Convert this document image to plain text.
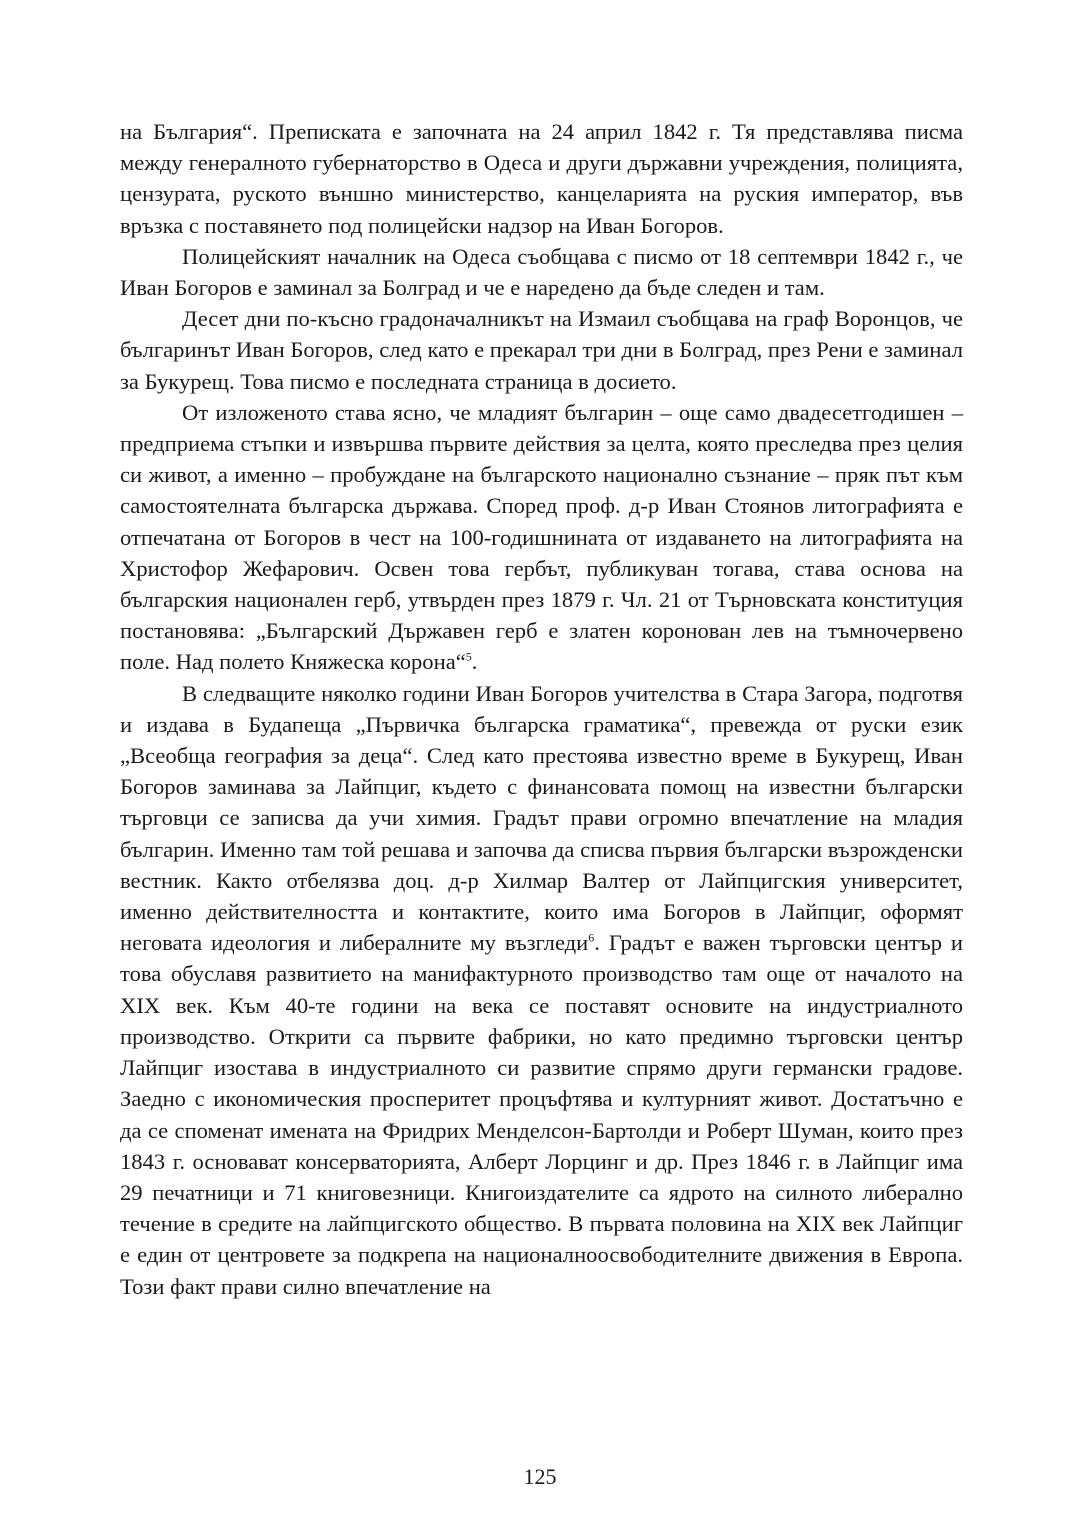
на България“. Преписката е започната на 24 април 1842 г. Тя представлява писма между генералното губернаторство в Одеса и други държавни учреждения, полицията, цензурата, руското външно министерство, канцеларията на руския император, във връзка с поставянето под полицейски надзор на Иван Богоров.

Полицейският началник на Одеса съобщава с писмо от 18 септември 1842 г., че Иван Богоров е заминал за Болград и че е наредено да бъде следен и там.

Десет дни по-късно градоначалникът на Измаил съобщава на граф Воронцов, че българинът Иван Богоров, след като е прекарал три дни в Болград, през Рени е заминал за Букурещ. Това писмо е последната страница в досието.

От изложеното става ясно, че младият българин – още само двадесетгодишен – предприема стъпки и извършва първите действия за целта, която преследва през целия си живот, а именно – пробуждане на българското национално съзнание – пряк път към самостоятелната българска държава. Според проф. д-р Иван Стоянов литографията е отпечатана от Богоров в чест на 100-годишнината от издаването на литографията на Христофор Жефарович. Освен това гербът, публикуван тогава, става основа на българския национален герб, утвърден през 1879 г. Чл. 21 от Търновската конституция постановява: „Българский Държавен герб е златен коронован лев на тъмночервено поле. Над полето Княжеска корона“$^5$.

В следващите няколко години Иван Богоров учителства в Стара Загора, подготвя и издава в Будапеща „Първичка българска граматика“, превежда от руски език „Всеобща география за деца“. След като престоява известно време в Букурещ, Иван Богоров заминава за Лайпциг, където с финансовата помощ на известни български търговци се записва да учи химия. Градът прави огромно впечатление на младия българин. Именно там той решава и започва да списва първия български възрожденски вестник. Както отбелязва доц. д-р Хилмар Валтер от Лайпцигския университет, именно действителността и контактите, които има Богоров в Лайпциг, оформят неговата идеология и либералните му възгледи$^6$. Градът е важен търговски център и това обуславя развитието на манифактурното производство там още от началото на ХІХ век. Към 40-те години на века се поставят основите на индустриалното производство. Открити са първите фабрики, но като предимно търговски център Лайпциг изостава в индустриалното си развитие спрямо други германски градове. Заедно с икономическия просперитет процъфтява и културният живот. Достатъчно е да се споменат имената на Фридрих Менделсон-Бартолди и Роберт Шуман, които през 1843 г. основават консерваторията, Алберт Лорцинг и др. През 1846 г. в Лайпциг има 29 печатници и 71 книговезници. Книгоиздателите са ядрото на силното либерално течение в средите на лайпцигското общество. В първата половина на ХІХ век Лайпциг е един от центровете за подкрепа на националноосвободителните движения в Европа. Този факт прави силно впечатление на

125
